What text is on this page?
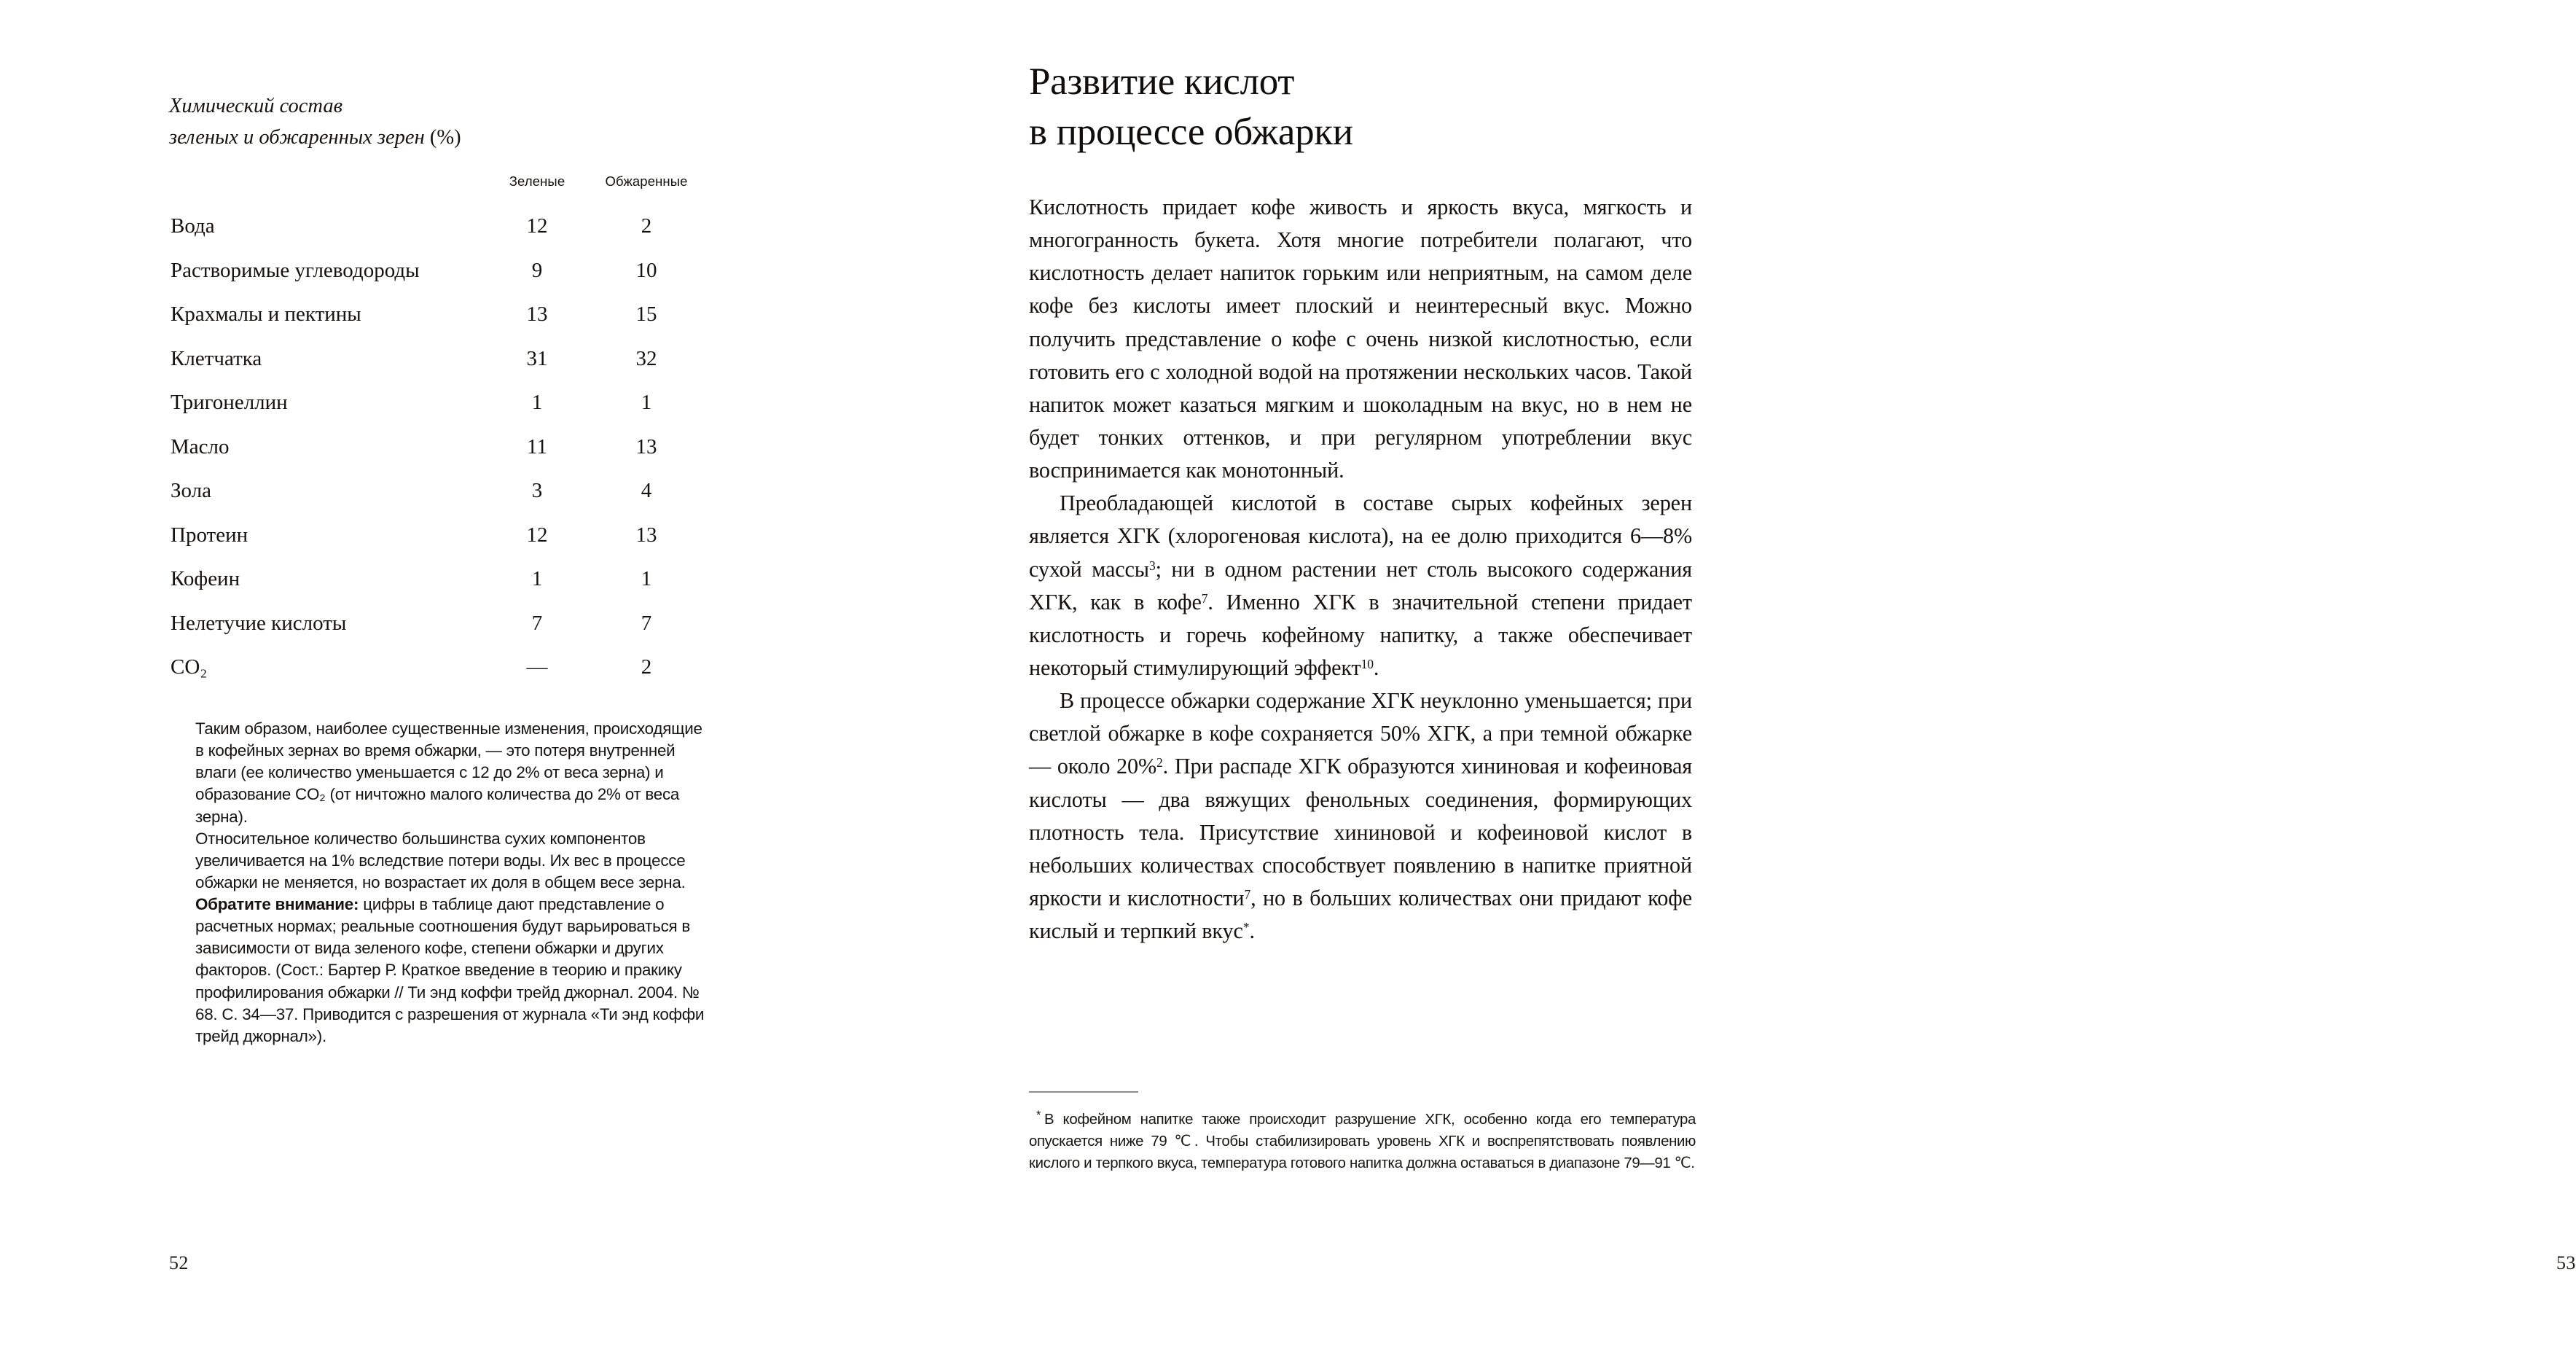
Химический состав
зеленых и обжаренных зерен (%)
	Зеленые	Обжаренные
Вода	12	2
Растворимые углеводороды	9	10
Крахмалы и пектины	13	15
Клетчатка	31	32
Тригонеллин	1	1
Масло	11	13
Зола	3	4
Протеин	12	13
Кофеин	1	1
Нелетучие кислоты	7	7
CO₂	—	2

Таким образом, наиболее существенные изменения, происходящие в кофейных зернах во время обжарки, — это потеря внутренней влаги (ее количество уменьшается с 12 до 2% от веса зерна) и образование CO₂ (от ничтожно малого количества до 2% от веса зерна).

Относительное количество большинства сухих компонентов увеличивается на 1% вследствие потери воды. Их вес в процессе обжарки не меняется, но возрастает их доля в общем весе зерна.

Обратите внимание: цифры в таблице дают представление о расчетных нормах; реальные соотношения будут варьироваться в зависимости от вида зеленого кофе, степени обжарки и других факторов. (Сост.: Бартер Р. Краткое введение в теорию и пракику профилирования обжарки // Ти энд коффи трейд джорнал. 2004. № 68. С. 34—37. Приводится с разрешения от журнала «Ти энд коффи трейд джорнал»).

52
Развитие кислот
в процессе обжарки

Кислотность придает кофе живость и яркость вкуса, мягкость и многогранность букета. Хотя многие потребители полагают, что кислотность делает напиток горьким или неприятным, на самом деле кофе без кислоты имеет плоский и неинтересный вкус. Можно получить представление о кофе с очень низкой кислотностью, если готовить его с холодной водой на протяжении нескольких часов. Такой напиток может казаться мягким и шоколадным на вкус, но в нем не будет тонких оттенков, и при регулярном употреблении вкус воспринимается как монотонный.

Преобладающей кислотой в составе сырых кофейных зерен является ХГК (хлорогеновая кислота), на ее долю приходится 6—8% сухой массы$^3$; ни в одном растении нет столь высокого содержания ХГК, как в кофе$^7$. Именно ХГК в значительной степени придает кислотность и горечь кофейному напитку, а также обеспечивает некоторый стимулирующий эффект$^{10}$.

В процессе обжарки содержание ХГК неуклонно уменьшается; при светлой обжарке в кофе сохраняется 50% ХГК, а при темной обжарке — около 20%$^2$. При распаде ХГК образуются хининовая и кофеиновая кислоты — два вяжущих фенольных соединения, формирующих плотность тела. Присутствие хининовой и кофеиновой кислот в небольших количествах способствует появлению в напитке приятной яркости и кислотности$^7$, но в больших количествах они придают кофе кислый и терпкий вкус*.

* В кофейном напитке также происходит разрушение ХГК, особенно когда его температура опускается ниже 79 ℃. Чтобы стабилизировать уровень ХГК и воспрепятствовать появлению кислого и терпкого вкуса, температура готового напитка должна оставаться в диапазоне 79—91 ℃.

53
